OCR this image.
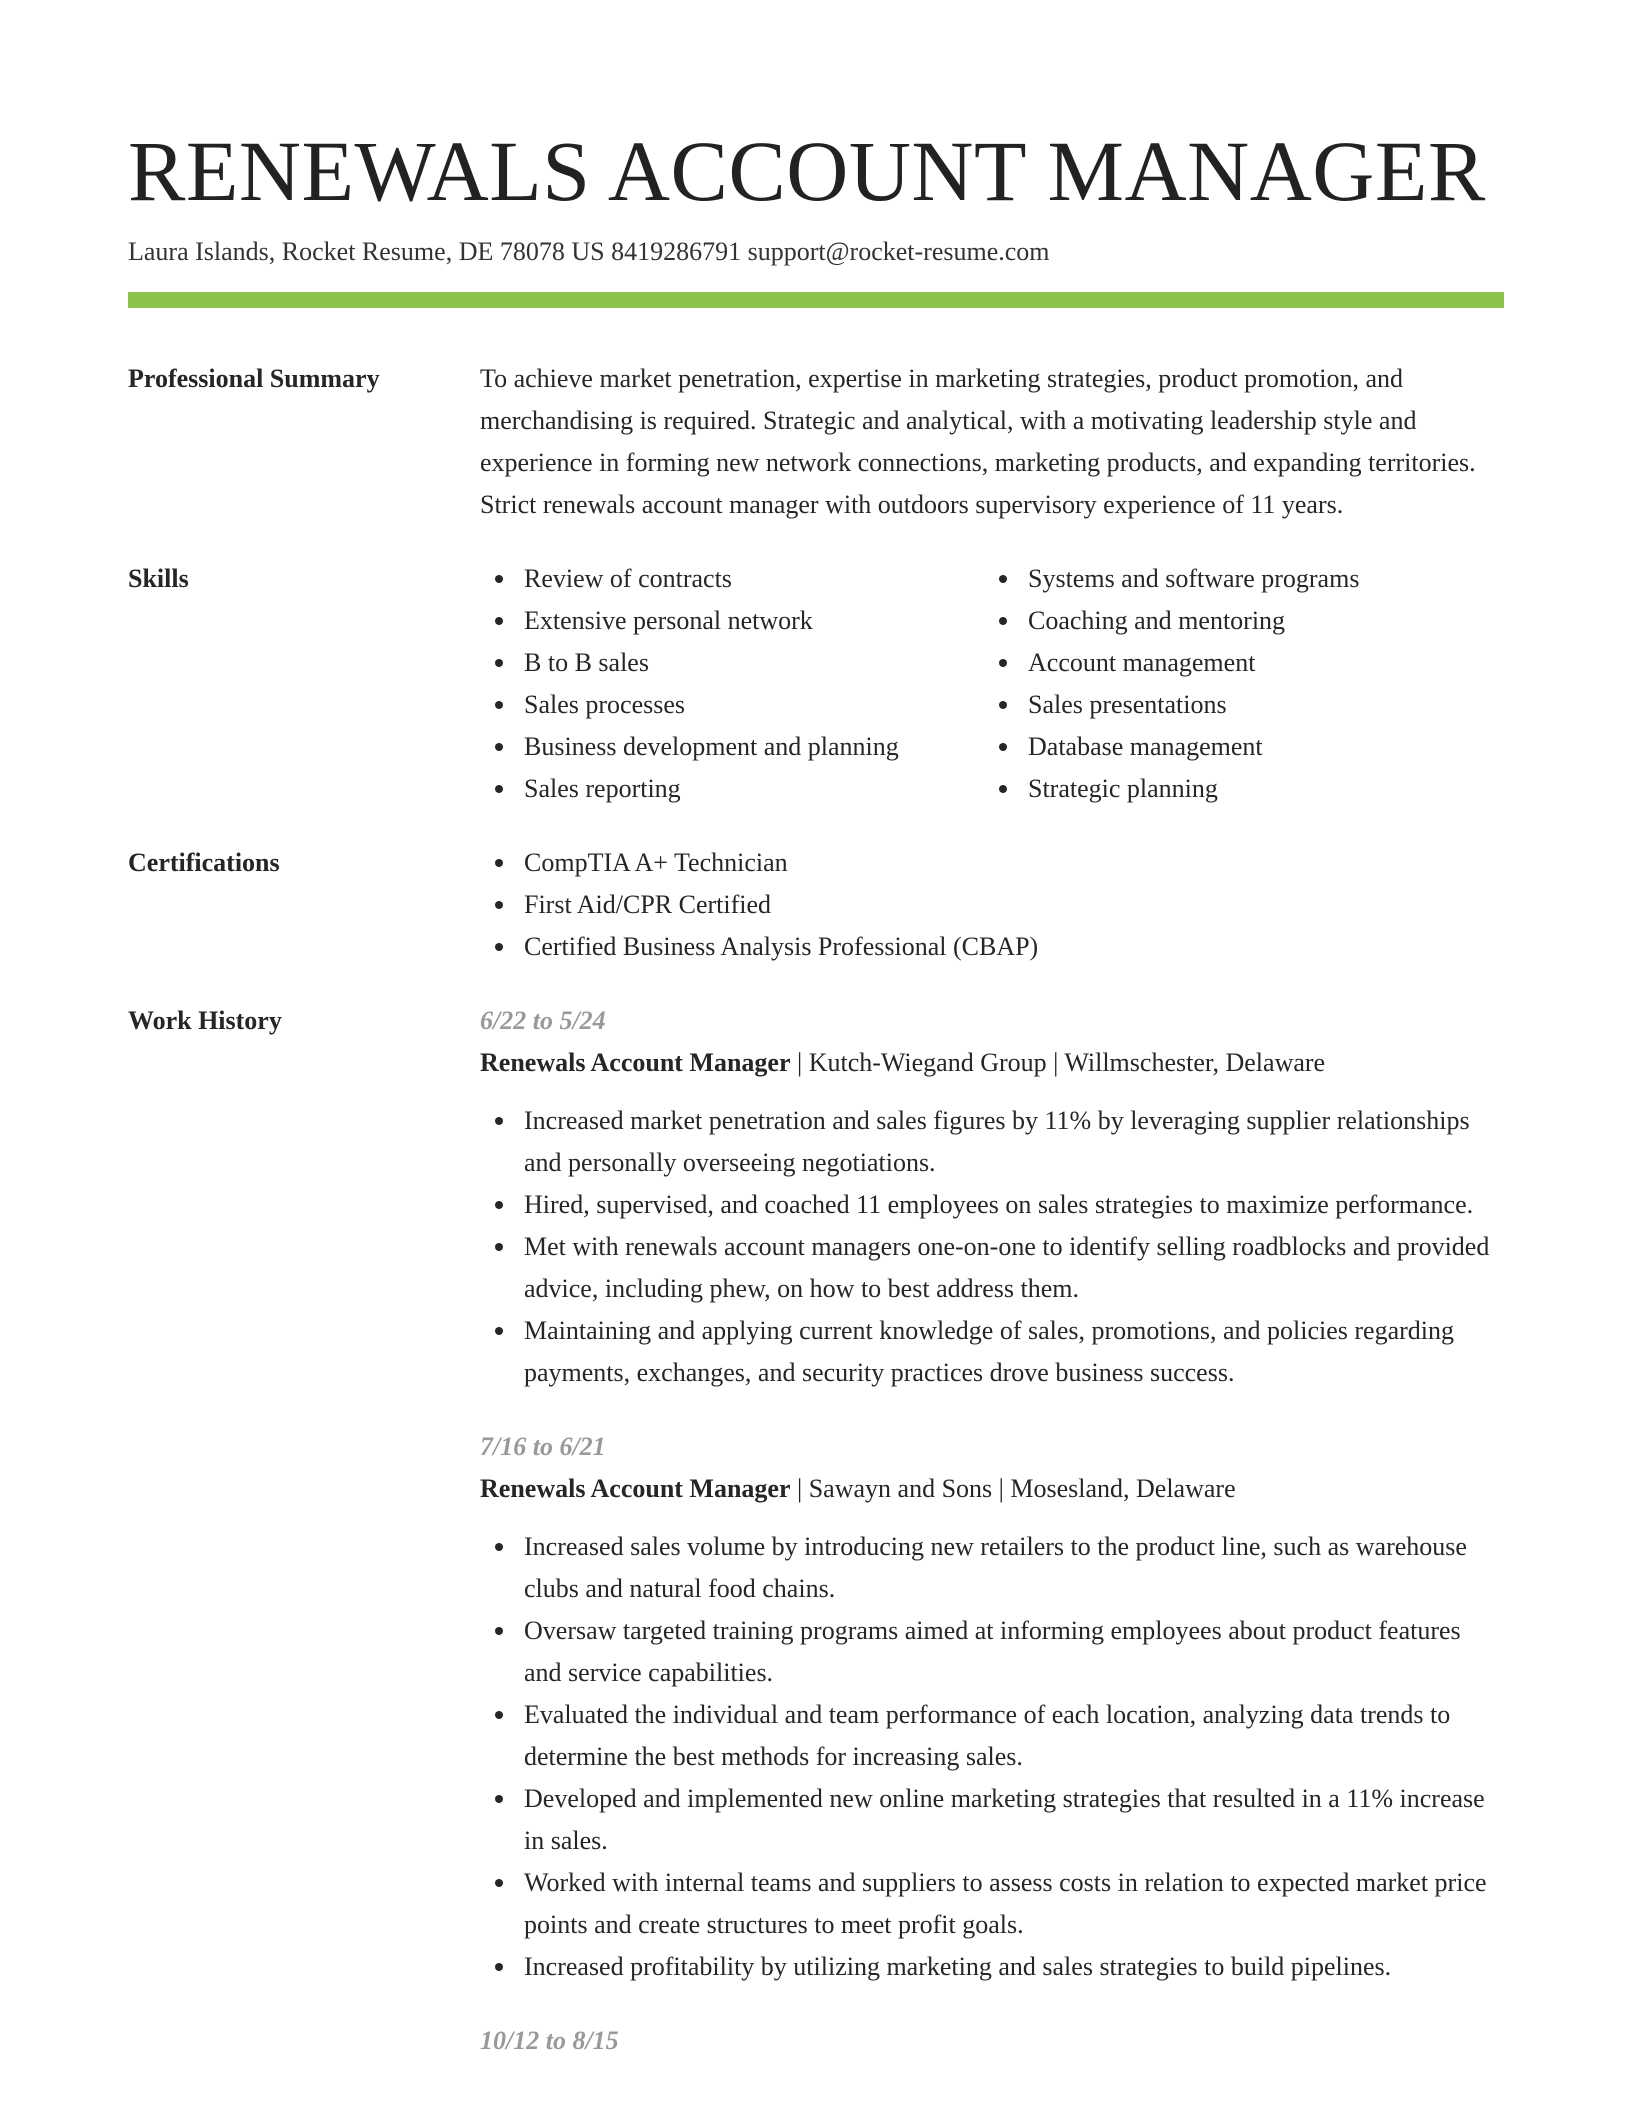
RENEWALS ACCOUNT MANAGER
Laura Islands, Rocket Resume, DE 78078 US 8419286791 support@rocket-resume.com
Professional Summary	To achieve market penetration, expertise in marketing strategies, product promotion, and merchandising is required. Strategic and analytical, with a motivating leadership style and experience in forming new network connections, marketing products, and expanding territories. Strict renewals account manager with outdoors supervisory experience of 11 years.

Skills	Review of contracts
Extensive personal network
B to B sales
Sales processes
Business development and planning
Sales reporting
Systems and software programs
Coaching and mentoring
Account management
Sales presentations
Database management
Strategic planning
Certifications	CompTIA A+ Technician
First Aid/CPR Certified
Certified Business Analysis Professional (CBAP)
Work History	6/22 to 5/24
Renewals Account Manager | Kutch-Wiegand Group | Willmschester, Delaware
Increased market penetration and sales figures by 11% by leveraging supplier relationships and personally overseeing negotiations.
Hired, supervised, and coached 11 employees on sales strategies to maximize performance.
Met with renewals account managers one-on-one to identify selling roadblocks and provided advice, including phew, on how to best address them.
Maintaining and applying current knowledge of sales, promotions, and policies regarding payments, exchanges, and security practices drove business success.
7/16 to 6/21
Renewals Account Manager | Sawayn and Sons | Mosesland, Delaware
Increased sales volume by introducing new retailers to the product line, such as warehouse clubs and natural food chains.
Oversaw targeted training programs aimed at informing employees about product features and service capabilities.
Evaluated the individual and team performance of each location, analyzing data trends to determine the best methods for increasing sales.
Developed and implemented new online marketing strategies that resulted in a 11% increase in sales.
Worked with internal teams and suppliers to assess costs in relation to expected market price points and create structures to meet profit goals.
Increased profitability by utilizing marketing and sales strategies to build pipelines.
10/12 to 8/15
